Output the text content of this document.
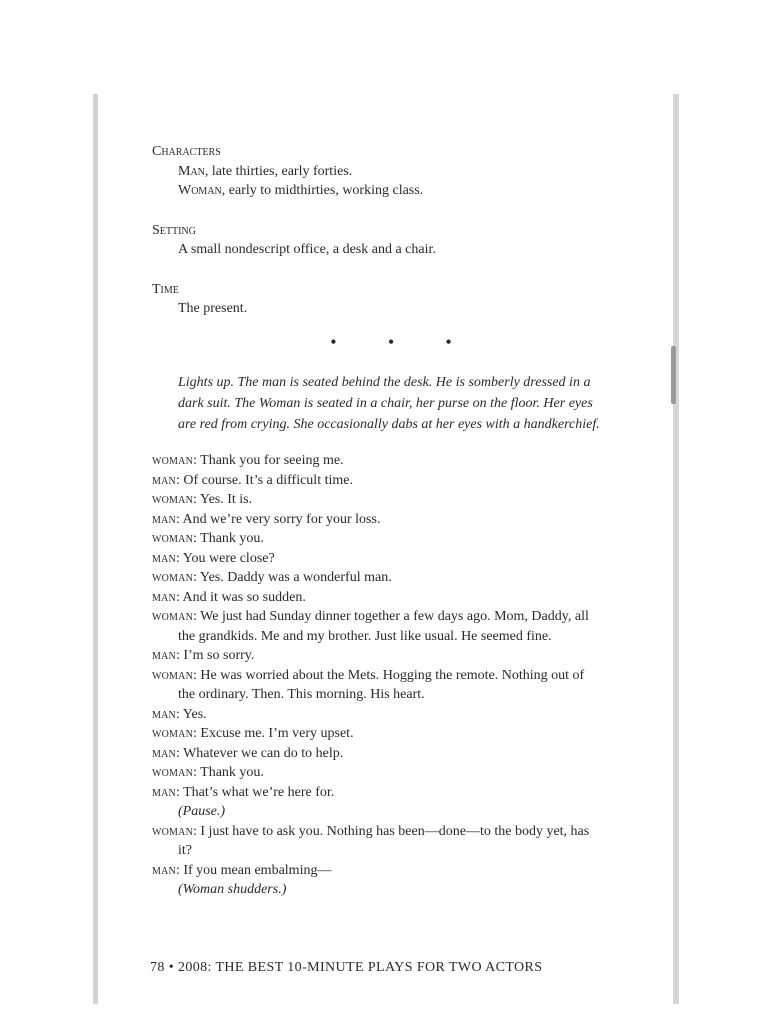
Characters
Man, late thirties, early forties.
Woman, early to midthirties, working class.
Setting
A small nondescript office, a desk and a chair.
Time
The present.
• • •
Lights up. The man is seated behind the desk. He is somberly dressed in a dark suit. The Woman is seated in a chair, her purse on the floor. Her eyes are red from crying. She occasionally dabs at her eyes with a handkerchief.
woman: Thank you for seeing me.
man: Of course. It’s a difficult time.
woman: Yes. It is.
man: And we’re very sorry for your loss.
woman: Thank you.
man: You were close?
woman: Yes. Daddy was a wonderful man.
man: And it was so sudden.
woman: We just had Sunday dinner together a few days ago. Mom, Daddy, all the grandkids. Me and my brother. Just like usual. He seemed fine.
man: I’m so sorry.
woman: He was worried about the Mets. Hogging the remote. Nothing out of the ordinary. Then. This morning. His heart.
man: Yes.
woman: Excuse me. I’m very upset.
man: Whatever we can do to help.
woman: Thank you.
man: That’s what we’re here for.
(Pause.)
woman: I just have to ask you. Nothing has been—done—to the body yet, has it?
man: If you mean embalming—
(Woman shudders.)
78 • 2008: THE BEST 10-MINUTE PLAYS FOR TWO ACTORS
